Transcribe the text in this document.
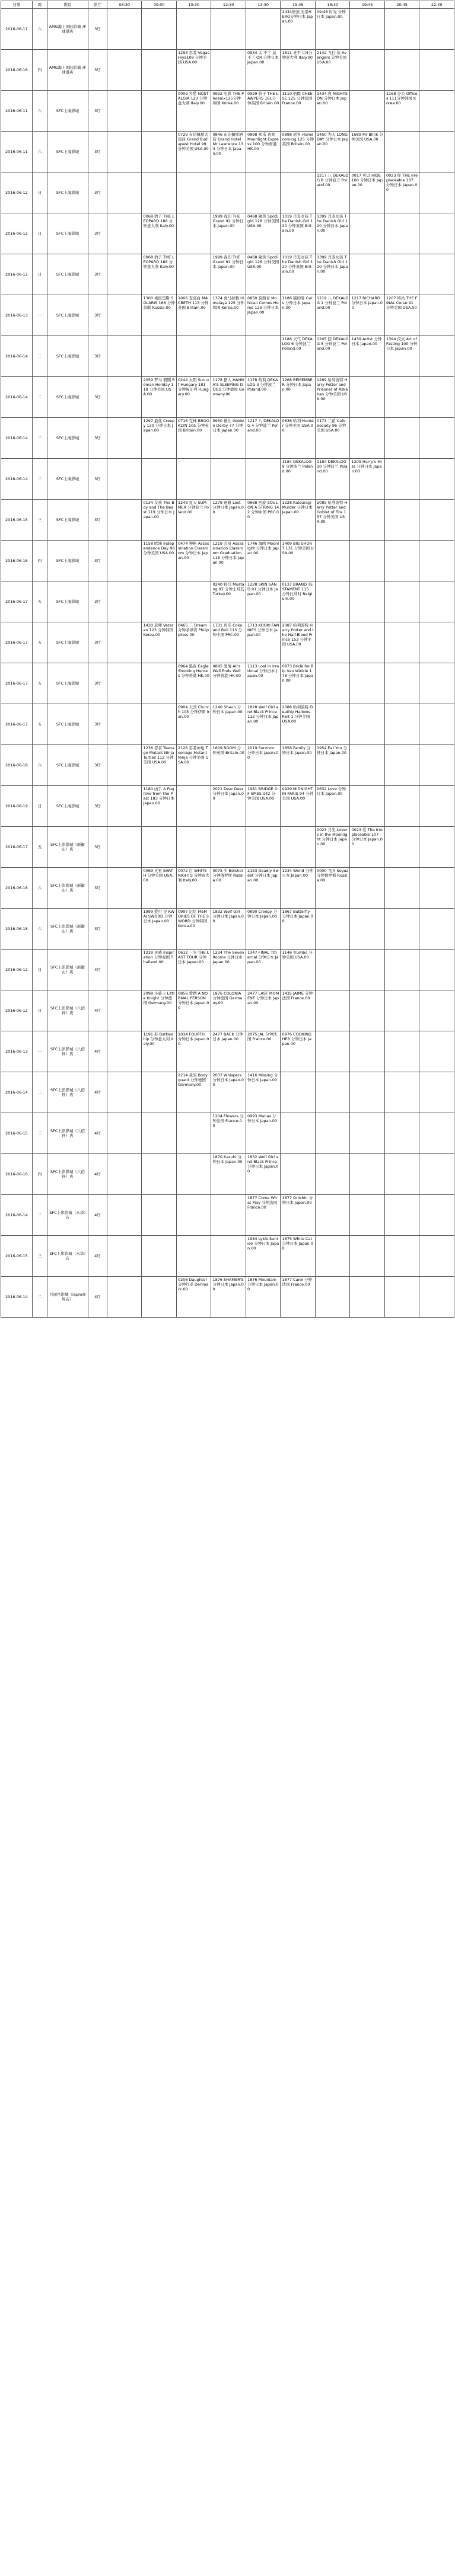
日期	周	影院	影厅	08:30	09:00	10:30	12:30	13:30	15:45	18:30	19:45	20:45	22:45
2016-06-11	六	AMG海上国际影城 环球港店	3厅						1434屋顶 光景HERO分钟日本 Japan.00	09:48 时光 分钟日本 Japan.00			
2016-06-16	四	AMG海上国际影城 环球港店	3厅			1293 忍者 Vegas Hiya109 分钟美国 USA.00		0934 大 不了 莫不了 OR 分钟日本 Japan.00	1811 灵不 只4分钟意大利 Italy.00	2142 飞行 侠 Avengers 分钟美国 USA.00			
2016-06-11	六	SFC上海影城	3厅			0009 乡愁 NOSTALGIA 123 分钟意大利 Italy.00	0932 电影 THE Phoenix125分钟韩国 Korea.00	0929 影子 THE LAWYERS 161分钟英国 Britain.00	1110 奶酪 CHEESE 125 分钟法国 France.00	1434 夜 NIGHTS ON 分钟日本 Japan.00		1168 办公 Offices 111分钟韩国 Korea.00	
2016-06-11	六	SFC上海影城	3厅			0729 布达佩斯大饭店 Grand Budapest Hotel 99 分钟美国 USA.00	0846 布达佩斯酒店 Grand Hotel Mr Lawrence 134 分钟日本 Japan.00	0898 欢乐 喜欢 Moonlight Express 100 分钟香港 HK.00	0898 返乡 Homecoming 125 分钟英国 Britain.00	1450 为天 LONG DAY 分钟日本 Japan.00	1689 Mr Blink 分钟美国 USA.00		
2016-06-12	日	SFC上海影城	3厅							1217 八 DEKALOG 8 分钟波兰 Poland.00	0017 可以 HIDE 100 分钟日本 Japan.00	0023 你 THE Irreplaceable 107 分钟日本 Japan.00	
2016-06-12	日	SFC上海影城	3厅		0068 豹子 THE LEOPARD 186 分钟意大利 Italy.00		1999 我们 THE Grand 92 分钟日本 Japan.00	0468 聚焦 Spotlight 128 分钟美国 USA.00	1019 丹麦女孩 The Danish Girl 120 分钟英国 Britain.00	1399 丹麦女孩 The Danish Girl 120 分钟日本 Japan.00			
2016-06-12	日	SFC上海影城	3厅		0068 豹子 THE LEOPARD 186 分钟意大利 Italy.00		1999 我们 THE Grand 92 分钟日本 Japan.00	0468 聚焦 Spotlight 128 分钟美国 USA.00	1019 丹麦女孩 The Danish Girl 120 分钟英国 Britain.00	1399 丹麦女孩 The Danish Girl 120 分钟日本 Japan.00			
2016-06-13	一	SFC上海影城	3厅		1300 索拉里斯 SOLARIS 166 分钟苏联 Russia.00	1006 麦克白 MACBETH 113 分钟英国 Britain.00	1374 喜马拉雅 Himalaya 125 分钟韩国 Korea.00	0850 莫西甘 Mohican Comes Home 125 分钟日本 Japan.00	1186 猫的爱 Cats 分钟日本 Japan.00	1219 八 DEKALOG 1 分钟波兰 Poland.00	1217 RICHARD 分钟日本 Japan.00	1207 终站 THE FINAL Curse 91 分钟美国 USA.00	
2016-06-14	二	SFC上海影城	3厅						1186 天气 DEKALOG 6 分钟波兰 Poland.00	1205 回 DEKALOG 5 分钟波兰 Poland.00	1439 Artist 分钟日本 Japan.00	1394 仪式 Art of Fasting 100 分钟日本 Japan.00	
2016-06-14	二	SFC上海影城	3厅		2059 罗马 假期 Roman Holiday 118 分钟美国 USA.00	0244 太阳 Sun of Hungary 181 分钟匈牙利 Hungary.00	1178 猎人 HANNA'S SLEEPING DOGS 分钟德国 Germany.00	1178 哈利 DEKALOG 3 分钟波兰 Poland.00	1268 REMEMBER 分钟日本 Japan.00	1269 哈利波特 Harry Potter and Prisoner of Azkaban 分钟美国 USA.00			
2016-06-14	二	SFC上海影城	3厅		1297 最优 Creepy 130 分钟日本 Japan.00	0716 克林 BROOKLYN 105 分钟英国 Britain.00	0950 德比 Golden Derby 77 分钟日本 Japan.00	1217 八 DEKALOG 4 分钟波兰 Poland.00	0836 哈利 Hunter 分钟美国 USA.00	0173 兰花 Cafe Society 96 分钟美国 USA.00			
2016-06-14	二	SFC上海影城	3厅						1184 DEKALOG 9 分钟波兰 Poland.00	1184 DEKALOG 10 分钟波兰 Poland.00	1209 Harry's Miss 分钟日本 Japan.00		
2016-06-15	三	SFC上海影城	3厅		0134 女孩 The Boy and The Beast 119 分钟日本 Japan.00	1249 夏天 SUMMER 分钟波兰 Poland.00	1279 迷路 Lost 分钟日本 Japan.00	0868 回旋 SOUL ON A STRING 142 分钟中国 PRC.00	1228 Katsuragi Murder 分钟日本 Japan.00	2085 哈利波特 Harry Potter and Goblet of Fire 157 分钟美国 USA.00			
2016-06-16	四	SFC上海影城	3厅		1158 欧洲 Independence Day 98 分钟美国 USA.00	0474 神秘 Assassination Classroom 分钟日本 Japan.00	1219 会员 Assassination Classroom Graduation 118 分钟日本 Japan.00	1746 海鸥 Moonlight 分钟日本 Japan.00	1409 BIG SHORT 131 分钟美国 USA.00				
2016-06-17	五	SFC上海影城	3厅				0240 野马 Mustang 97 分钟土耳其 Turkey.00	1228 SKIN SAND 91 分钟日本 Japan.00	0137 BRAND TESTAMENT 115 分钟比利时 Belgium.00				
2016-06-17	五	SFC上海影城	3厅		1430 老师 Veteran 123 分钟韩国 Korea.00	0465 三 Dream 分钟菲律宾 Philippines.00	1731 可乐 Coke and Bull 113 分钟中国 PRC.00	1713 KOOKI FANNIES 分钟日本 Japan.00	2087 哈利波特 Harry Potter and the Half-Blood Prince 153 分钟美国 USA.00				
2016-06-17	五	SFC上海影城	3厅			0964 黑夜 Eagle Shooting Heroes 分钟香港 HK.00	0895 爱情 All's Well Ends Well 分钟香港 HK.00	1113 Lost in Irrational 分钟日本 Japan.00	0873 Bride for Rip Van Winkle 178 分钟日本 Japan.00				
2016-06-17	五	SFC上海影城	3厅			0904 天国 Church 105 分钟伊朗 Iran.00	1240 Shaun 分钟日本 Japan.00	1828 Wolf Girl and Black Prince 112 分钟日本 Japan.00	2088 哈利波特 Deathly Hallows Part 1 分钟美国 USA.00				
2016-06-18	六	SFC上海影城	3厅		1236 忍者 Teenage Mutant Ninja Turtles 112 分钟美国 USA.00	2126 忍者神龟 Teenage Mutant Ninja 分钟美国 USA.00	1609 ROOM 分钟英国 Britain.00	2019 Survivor 分钟日本 Japan.00	1858 Family 分钟日本 Japan.00	1954 Eat You 分钟日本 Japan.00			
2016-06-19	日	SFC上海影城	3厅		1180 凶手 A Fugitive from the Past 183 分钟日本 Japan.00		2021 Dear Deer 分钟日本 Japan.00	1981 BRIDGE OF SPIES 142 分钟美国 USA.00	0929 MIDNIGHT IN PARIS 94 分钟美国 USA.00	0632 Love 分钟日本 Japan.00			
2016-06-17	五	SFC上影影城（新衡山）店	3厅							0023 月光 Lovers in the Moonlight 分钟日本 Japan.00	0023 爱 The Irreplaceable 107 分钟日本 Japan.00		
2016-06-18	六	SFC上影影城（新衡山）店	3厅		0069 火星 EARTH 分钟美国 USA.00	0072 白 WHITE NIGHTS 分钟意大利 Italy.00	0075 少 Bolshoi 分钟俄罗斯 Russia.00	2153 Deadly Sweet 分钟日本 Japan.00	1234 World 分钟日本 Japan.00	0000 飞向 Soyuz 分钟俄罗斯 Russia.00			
2016-06-18	六	SFC上影影城（新衡山）店	3厅		1999 爱行 是 KWAI SWORD 分钟日本 Japan.00	0997 记忆 MEMORIES OF THE SWORD 分钟韩国 Korea.00	1832 Wolf Girl 分钟日本 Japan.00	0890 Creepy 分钟日本 Japan.00	1867 Butterfly 分钟日本 Japan.00				
2016-06-12	日	SFC上影影城（新衡山）店	4厅		1239 灵感 Inspiration 分钟泰国 Thailand.00	0612 三岁 THE LAST TOUR 分钟日本 Japan.00	1234 The Seven Rooms 分钟日本 Japan.00	1347 FINAL Tthernal 分钟日本 Japan.00	1146 Trumbo 分钟美国 USA.00				
2016-06-12	日	SFC上影影城（八佰伴）店	4厅		2098 小骑士 Little Knight 分钟德国 Germany.00	0856 爱情 A NORMAL PERSON 分钟日本 Japan.00	1876 COLONIA 分钟德国 Germany.00	2477 LAST MOMENT 分钟日本 Japan.00	1435 JAIME 分钟法国 France.00				
2016-06-13	一	SFC上影影城（八佰伴）店	4厅		1191 苏 Battleship 分钟意大利 Italy.00	1034 FOURTH 分钟日本 Japan.00	2477 BACK 分钟日本 Japan.00	2075 JAL 分钟法国 France.00	0976 COOKING HER 分钟日本 Japan.00				
2016-06-14	二	SFC上影影城（八佰伴）店	4厅			2214 我的 Bodyguard 分钟德国 Germany.00	2037 Whispers 分钟日本 Japan.00	1416 Missing 分钟日本 Japan.00					
2016-06-15	三	SFC上影影城（八佰伴）店	4厅				1204 Flowers 分钟法国 France.00	0993 Marias 分钟日本 Japan.00					
2016-06-16	四	SFC上影影城（八佰伴）店	4厅				1870 Kazuhi 分钟日本 Japan.00	1832 Wolf Girl and Black Prince 分钟日本 Japan.00					
2016-06-14	二	SFC上影影城（永华）店	4厅					1877 Come What May 分钟法国 France.00	1877 Onishin 分钟日本 Japan.00				
2016-06-15	三	SFC上影影城（永华）店	4厅					1984 Lykle Sunrise 分钟日本 Japan.00	1875 White Cat 分钟日本 Japan.00				
2016-06-14	二	百丽宫影城（iapm商场店）	4厅			0206 Daughter 分钟丹麦 Denmark.00	1876 SHAMER'S 分钟日本 Japan.00	1876 Mountain 分钟日本 Japan.00	1877 Carol 分钟法国 France.00				
